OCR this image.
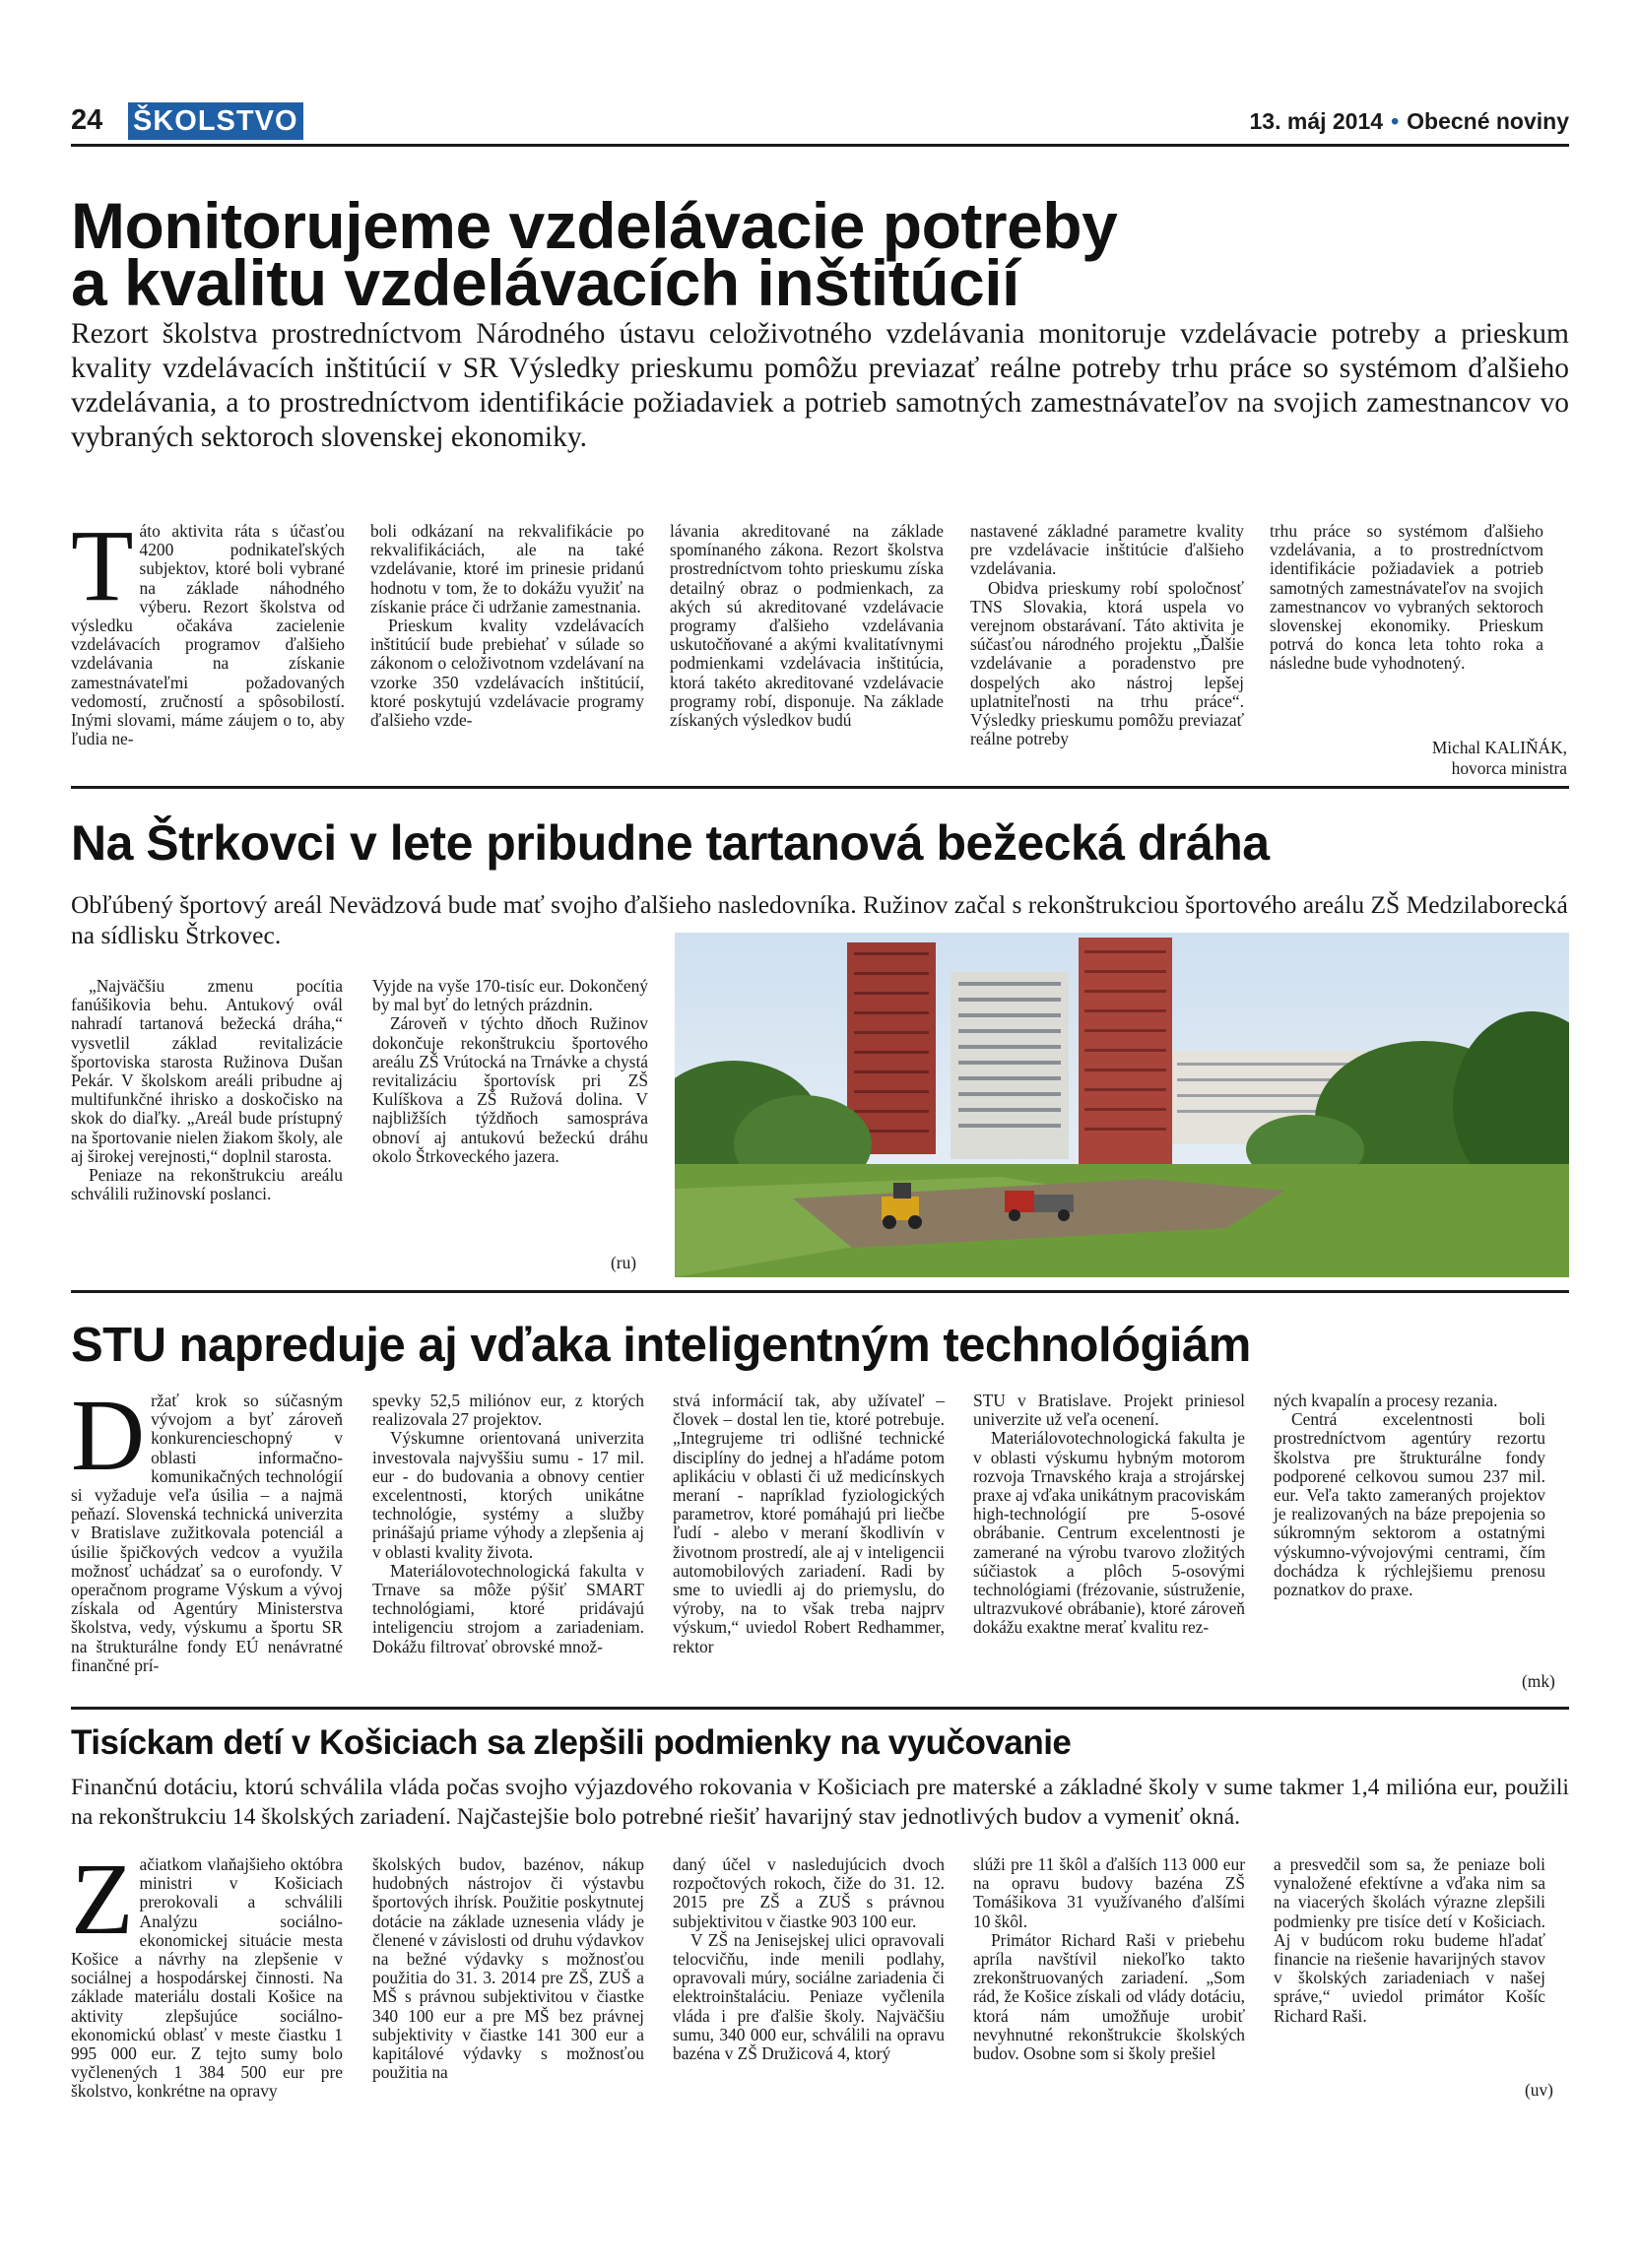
24 ŠKOLSTVO	13. máj 2014 • Obecné noviny
Monitorujeme vzdelávacie potreby
a kvalitu vzdelávacích inštitúcií

Rezort školstva prostredníctvom Národného ústavu celoživotného vzdelávania monitoruje vzdelávacie potreby a prieskum kvality vzdelávacích inštitúcií v SR Výsledky prieskumu pomôžu previazať reálne potreby trhu práce so systémom ďalšieho vzdelávania, a to prostredníctvom identifikácie požiadaviek a potrieb samotných zamestnávateľov na svojich zamestnancov vo vybraných sektoroch slovenskej ekonomiky.

T áto aktivita ráta s účasťou 4200 podnikateľských subjektov, ktoré boli vybrané na základe náhodného výberu. Rezort školstva od výsledku očakáva zacielenie vzdelávacích programov ďalšieho vzdelávania na získanie zamestnávateľmi požadovaných vedomostí, zručností a spôsobilostí. Inými slovami, máme záujem o to, aby ľudia ne-

boli odkázaní na rekvalifikácie po rekvalifikáciách, ale na také vzdelávanie, ktoré im prinesie pridanú hodnotu v tom, že to dokážu využiť na získanie práce či udržanie zamestnania.

Prieskum kvality vzdelávacích inštitúcií bude prebiehať v súlade so zákonom o celoživotnom vzdelávaní na vzorke 350 vzdelávacích inštitúcií, ktoré poskytujú vzdelávacie programy ďalšieho vzde-

lávania akreditované na základe spomínaného zákona. Rezort školstva prostredníctvom tohto prieskumu získa detailný obraz o podmienkach, za akých sú akreditované vzdelávacie programy ďalšieho vzdelávania uskutočňované a akými kvalitatívnymi podmienkami vzdelávacia inštitúcia, ktorá takéto akreditované vzdelávacie programy robí, disponuje. Na základe získaných výsledkov budú

nastavené základné parametre kvality pre vzdelávacie inštitúcie ďalšieho vzdelávania.

Obidva prieskumy robí spoločnosť TNS Slovakia, ktorá uspela vo verejnom obstarávaní. Táto aktivita je súčasťou národného projektu „Ďalšie vzdelávanie a poradenstvo pre dospelých ako nástroj lepšej uplatniteľnosti na trhu práce“. Výsledky prieskumu pomôžu previazať reálne potreby

trhu práce so systémom ďalšieho vzdelávania, a to prostredníctvom identifikácie požiadaviek a potrieb samotných zamestnávateľov na svojich zamestnancov vo vybraných sektoroch slovenskej ekonomiky. Prieskum potrvá do konca leta tohto roka a následne bude vyhodnotený.

Michal KALIŇÁK,
hovorca ministra
Na Štrkovci v lete pribudne tartanová bežecká dráha

Obľúbený športový areál Nevädzová bude mať svojho ďalšieho nasledovníka. Ružinov začal s rekonštrukciou športového areálu ZŠ Medzilaborecká na sídlisku Štrkovec.

„Najväčšiu zmenu pocítia fanúšikovia behu. Antukový ovál nahradí tartanová bežecká dráha,“ vysvetlil základ revitalizácie športoviska starosta Ružinova Dušan Pekár. V školskom areáli pribudne aj multifunkčné ihrisko a doskočisko na skok do diaľky. „Areál bude prístupný na športovanie nielen žiakom školy, ale aj širokej verejnosti,“ doplnil starosta.

Peniaze na rekonštrukciu areálu schválili ružinovskí poslanci.

Vyjde na vyše 170-tisíc eur. Dokončený by mal byť do letných prázdnin.

Zároveň v týchto dňoch Ružinov dokončuje rekonštrukciu športového areálu ZŠ Vrútocká na Trnávke a chystá revitalizáciu športovísk pri ZŠ Kulíškova a ZŠ Ružová dolina. V najbližších týždňoch samospráva obnoví aj antukovú bežeckú dráhu okolo Štrkoveckého jazera.

(ru)
STU napreduje aj vďaka inteligentným technológiám
D ržať krok so súčasným vývojom a byť zároveň konkurencieschopný v oblasti informačno-komunikačných technológií si vyžaduje veľa úsilia – a najmä peňazí. Slovenská technická univerzita v Bratislave zužitkovala potenciál a úsilie špičkových vedcov a využila možnosť uchádzať sa o eurofondy. V operačnom programe Výskum a vývoj získala od Agentúry Ministerstva školstva, vedy, výskumu a športu SR na štrukturálne fondy EÚ nenávratné finančné prí-

spevky 52,5 miliónov eur, z ktorých realizovala 27 projektov.

Výskumne orientovaná univerzita investovala najvyššiu sumu - 17 mil. eur - do budovania a obnovy centier excelentnosti, ktorých unikátne technológie, systémy a služby prinášajú priame výhody a zlepšenia aj v oblasti kvality života.

Materiálovotechnologická fakulta v Trnave sa môže pýšiť SMART technológiami, ktoré pridávajú inteligenciu strojom a zariadeniam. Dokážu filtrovať obrovské množ-

stvá informácií tak, aby užívateľ – človek – dostal len tie, ktoré potrebuje. „Integrujeme tri odlišné technické disciplíny do jednej a hľadáme potom aplikáciu v oblasti či už medicínskych meraní - napríklad fyziologických parametrov, ktoré pomáhajú pri liečbe ľudí - alebo v meraní škodlivín v životnom prostredí, ale aj v inteligencii automobilových zariadení. Radi by sme to uviedli aj do priemyslu, do výroby, na to však treba najprv výskum,“ uviedol Robert Redhammer, rektor

STU v Bratislave. Projekt priniesol univerzite už veľa ocenení.

Materiálovotechnologická fakulta je v oblasti výskumu hybným motorom rozvoja Trnavského kraja a strojárskej praxe aj vďaka unikátnym pracoviskám high-technológií pre 5-osové obrábanie. Centrum excelentnosti je zamerané na výrobu tvarovo zložitých súčiastok a plôch 5-osovými technológiami (frézovanie, sústruženie, ultrazvukové obrábanie), ktoré zároveň dokážu exaktne merať kvalitu rez-

ných kvapalín a procesy rezania.

Centrá excelentnosti boli prostredníctvom agentúry rezortu školstva pre štrukturálne fondy podporené celkovou sumou 237 mil. eur. Veľa takto zameraných projektov je realizovaných na báze prepojenia so súkromným sektorom a ostatnými výskumno-vývojovými centrami, čím dochádza k rýchlejšiemu prenosu poznatkov do praxe.

(mk)
Tisíckam detí v Košiciach sa zlepšili podmienky na vyučovanie

Finančnú dotáciu, ktorú schválila vláda počas svojho výjazdového rokovania v Košiciach pre materské a základné školy v sume takmer 1,4 milióna eur, použili na rekonštrukciu 14 školských zariadení. Najčastejšie bolo potrebné riešiť havarijný stav jednotlivých budov a vymeniť okná.

Z ačiatkom vlaňajšieho októbra ministri v Košiciach prerokovali a schválili Analýzu sociálno-ekonomickej situácie mesta Košice a návrhy na zlepšenie v sociálnej a hospodárskej činnosti. Na základe materiálu dostali Košice na aktivity zlepšujúce sociálno-ekonomickú oblasť v meste čiastku 1 995 000 eur. Z tejto sumy bolo vyčlenených 1 384 500 eur pre školstvo, konkrétne na opravy

školských budov, bazénov, nákup hudobných nástrojov či výstavbu športových ihrísk. Použitie poskytnutej dotácie na základe uznesenia vlády je členené v závislosti od druhu výdavkov na bežné výdavky s možnosťou použitia do 31. 3. 2014 pre ZŠ, ZUŠ a MŠ s právnou subjektivitou v čiastke 340 100 eur a pre MŠ bez právnej subjektivity v čiastke 141 300 eur a kapitálové výdavky s možnosťou použitia na

daný účel v nasledujúcich dvoch rozpočtových rokoch, čiže do 31. 12. 2015 pre ZŠ a ZUŠ s právnou subjektivitou v čiastke 903 100 eur.

V ZŠ na Jenisejskej ulici opravovali telocvičňu, inde menili podlahy, opravovali múry, sociálne zariadenia či elektroinštaláciu. Peniaze vyčlenila vláda i pre ďalšie školy. Najväčšiu sumu, 340 000 eur, schválili na opravu bazéna v ZŠ Družicová 4, ktorý

slúži pre 11 škôl a ďalších 113 000 eur na opravu budovy bazéna ZŠ Tomášikova 31 využívaného ďalšími 10 škôl.

Primátor Richard Raši v priebehu apríla navštívil niekoľko takto zrekonštruovaných zariadení. „Som rád, že Košice získali od vlády dotáciu, ktorá nám umožňuje urobiť nevyhnutné rekonštrukcie školských budov. Osobne som si školy prešiel

a presvedčil som sa, že peniaze boli vynaložené efektívne a vďaka nim sa na viacerých školách výrazne zlepšili podmienky pre tisíce detí v Košiciach. Aj v budúcom roku budeme hľadať financie na riešenie havarijných stavov v školských zariadeniach v našej správe,“ uviedol primátor Košíc Richard Raši.

(uv)
